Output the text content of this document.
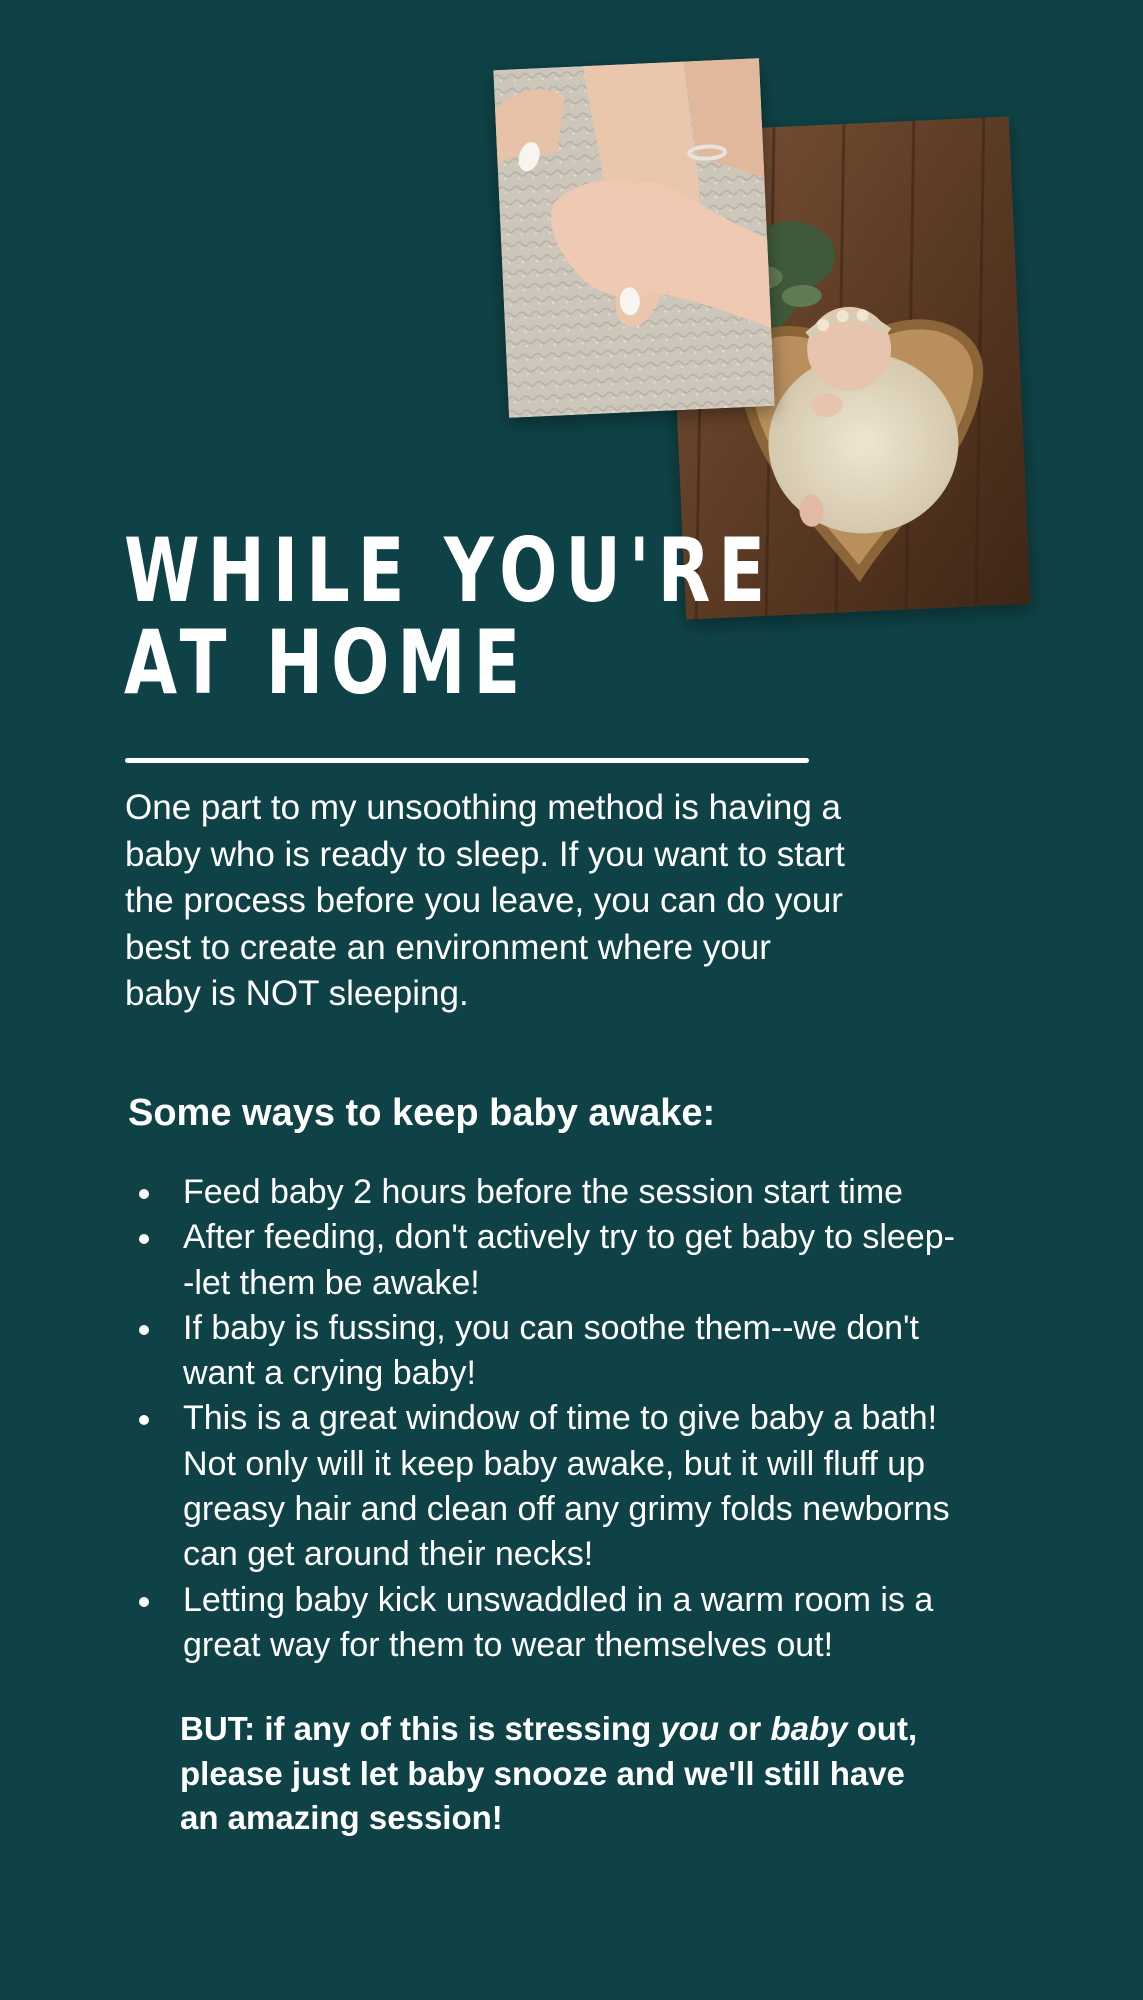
WHILE YOU'RE
AT HOME

One part to my unsoothing method is having a baby who is ready to sleep. If you want to start the process before you leave, you can do your best to create an environment where your baby is NOT sleeping.

Some ways to keep baby awake:
Feed baby 2 hours before the session start time
After feeding, don't actively try to get baby to sleep--let them be awake!
If baby is fussing, you can soothe them--we don't want a crying baby!
This is a great window of time to give baby a bath! Not only will it keep baby awake, but it will fluff up greasy hair and clean off any grimy folds newborns can get around their necks!
Letting baby kick unswaddled in a warm room is a great way for them to wear themselves out!

BUT: if any of this is stressing you or baby out, please just let baby snooze and we'll still have an amazing session!
